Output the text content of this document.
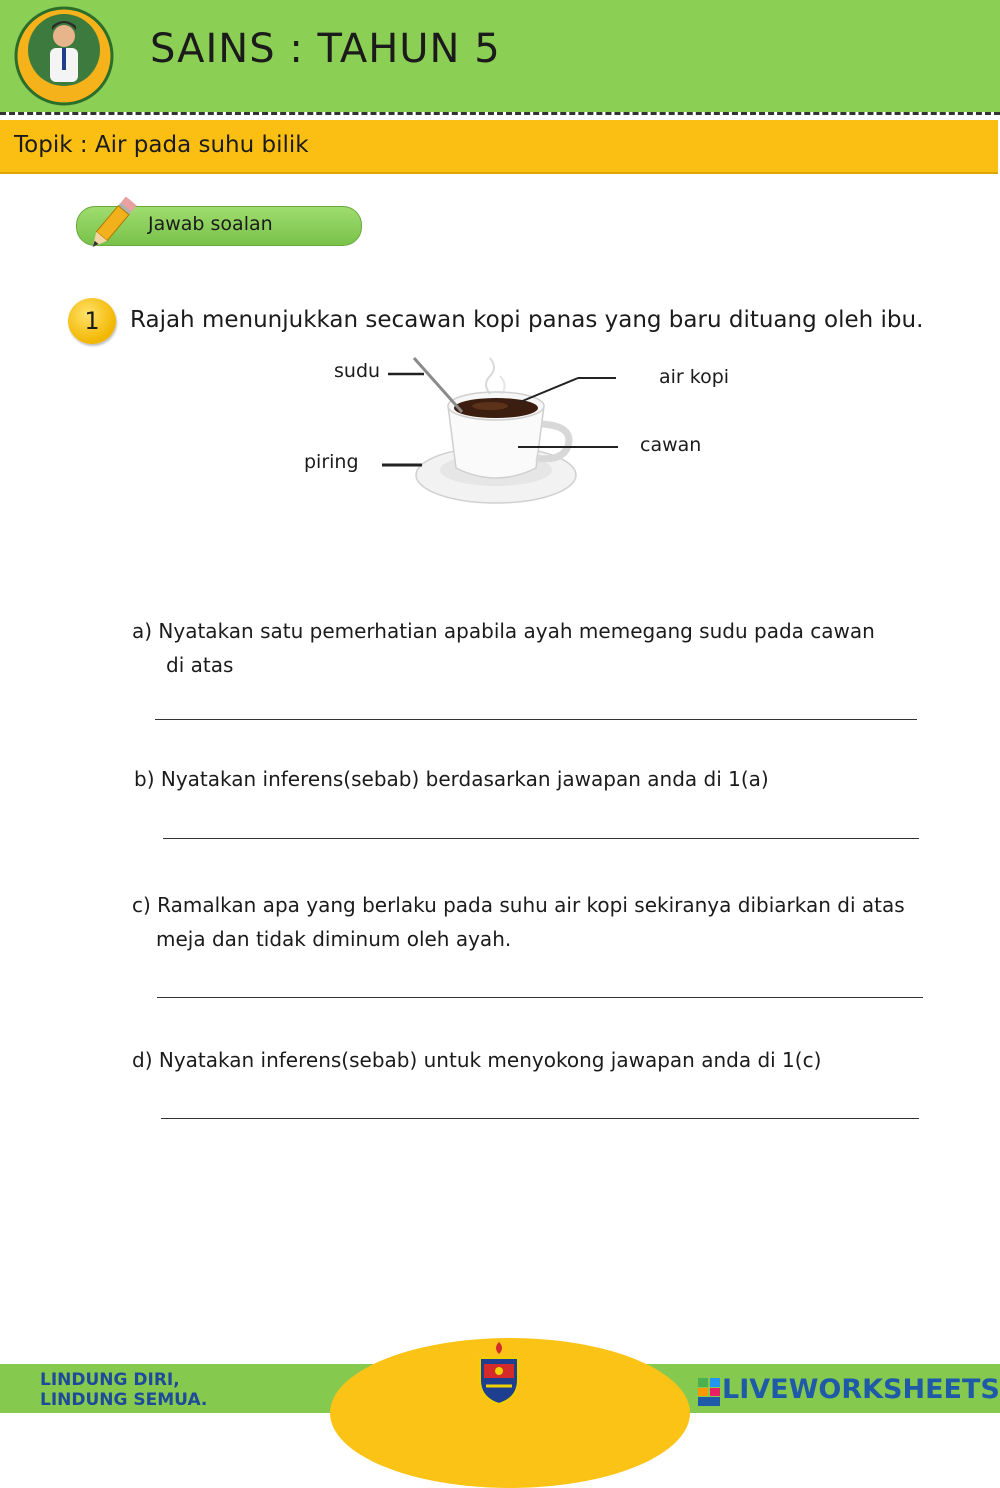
SAINS : TAHUN 5
Topik : Air pada suhu bilik
Jawab soalan
1	Rajah menunjukkan secawan kopi panas yang baru dituang oleh ibu.
sudu	air kopi
cawan
piring
a) Nyatakan satu pemerhatian apabila ayah memegang sudu pada cawan
di atas
b) Nyatakan inferens(sebab) berdasarkan jawapan anda di 1(a)
c) Ramalkan apa yang berlaku pada suhu air kopi sekiranya dibiarkan di atas
meja dan tidak diminum oleh ayah.
d) Nyatakan inferens(sebab) untuk menyokong jawapan anda di 1(c)
LINDUNG DIRI,
LINDUNG SEMUA.	LIVEWORKSHEETS
